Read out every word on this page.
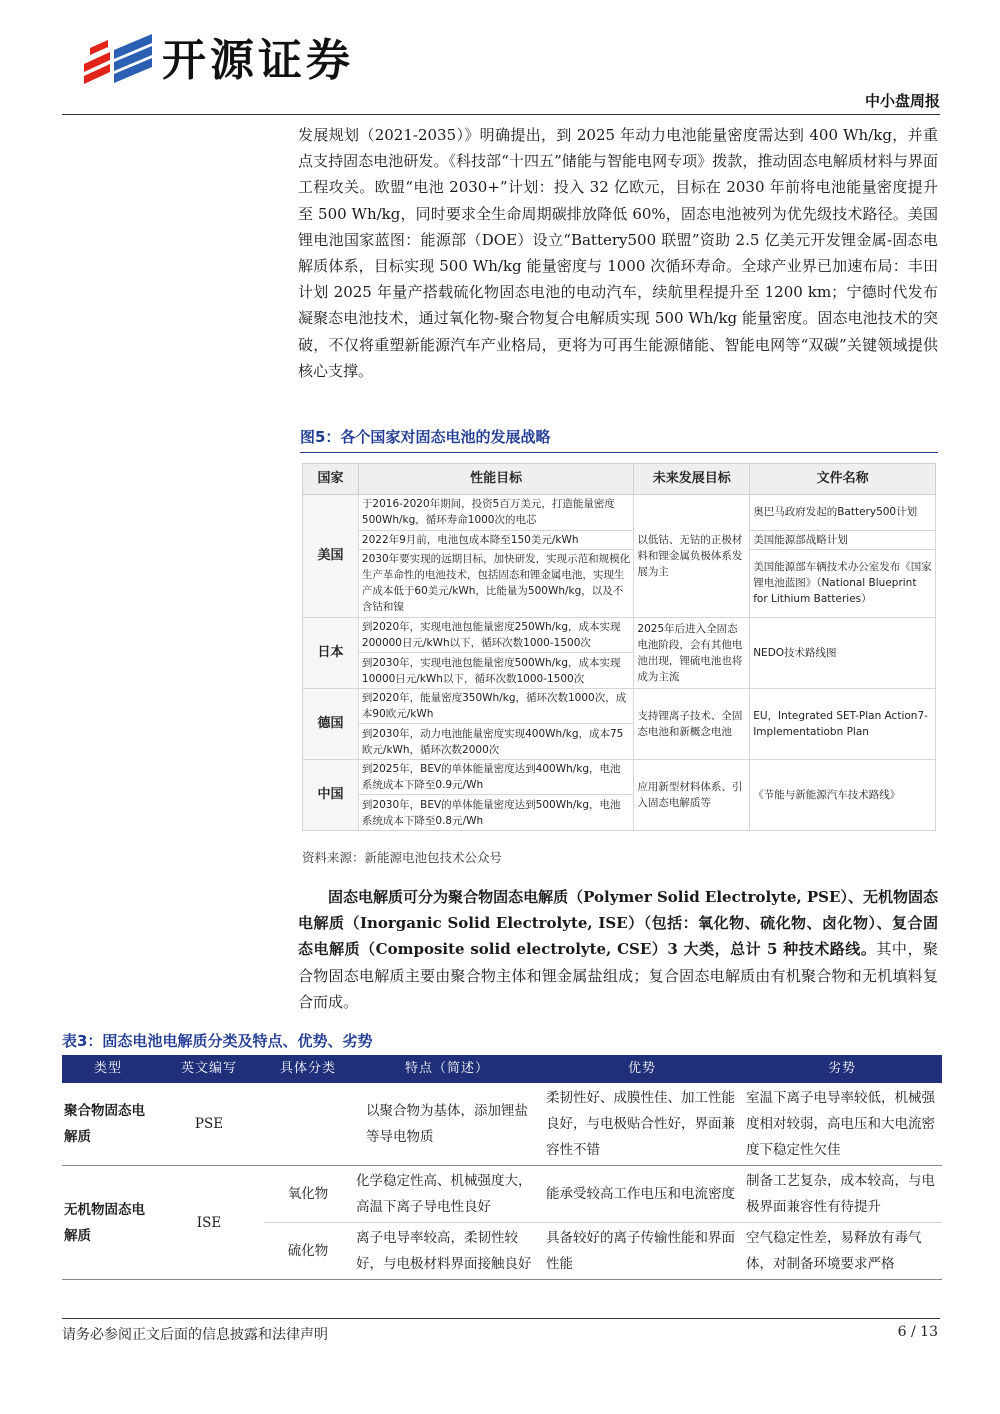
开源证券
中小盘周报
发展规划（2021-2035）》明确提出，到 2025 年动力电池能量密度需达到 400 Wh/kg，并重点支持固态电池研发。《科技部“十四五”储能与智能电网专项》拨款，推动固态电解质材料与界面工程攻关。欧盟“电池 2030+”计划：投入 32 亿欧元，目标在 2030 年前将电池能量密度提升至 500 Wh/kg，同时要求全生命周期碳排放降低 60%，固态电池被列为优先级技术路径。美国锂电池国家蓝图：能源部（DOE）设立“Battery500 联盟”资助 2.5 亿美元开发锂金属-固态电解质体系，目标实现 500 Wh/kg 能量密度与 1000 次循环寿命。全球产业界已加速布局：丰田计划 2025 年量产搭载硫化物固态电池的电动汽车，续航里程提升至 1200 km；宁德时代发布凝聚态电池技术，通过氧化物-聚合物复合电解质实现 500 Wh/kg 能量密度。固态电池技术的突破，不仅将重塑新能源汽车产业格局，更将为可再生能源储能、智能电网等“双碳”关键领域提供核心支撑。
图5：各个国家对固态电池的发展战略
国家	性能目标	未来发展目标	文件名称
美国	于2016-2020年期间，投资5百万美元，打造能量密度500Wh/kg，循环寿命1000次的电芯	以低钴、无钴的正极材料和锂金属负极体系发展为主	奥巴马政府发起的Battery500计划
	2022年9月前，电池包成本降至150美元/kWh		美国能源部战略计划
	2030年要实现的远期目标，加快研发，实现示范和规模化生产革命性的电池技术，包括固态和锂金属电池，实现生产成本低于60美元/kWh，比能量为500Wh/kg，以及不含钴和镍		美国能源部车辆技术办公室发布《国家锂电池蓝图》（National Blueprint for Lithium Batteries）
日本	到2020年，实现电池包能量密度250Wh/kg，成本实现200000日元/kWh以下，循环次数1000-1500次	2025年后进入全固态电池阶段，会有其他电池出现，锂硫电池也将成为主流	NEDO技术路线图
	到2030年，实现电池包能量密度500Wh/kg，成本实现10000日元/kWh以下，循环次数1000-1500次		
德国	到2020年，能量密度350Wh/kg，循环次数1000次，成本90欧元/kWh	支持锂离子技术、全固态电池和新概念电池	EU，Integrated SET-Plan Action7-Implementatiobn Plan
	到2030年，动力电池能量密度实现400Wh/kg，成本75欧元/kWh，循环次数2000次		
中国	到2025年，BEV的单体能量密度达到400Wh/kg，电池系统成本下降至0.9元/Wh	应用新型材料体系、引入固态电解质等	《节能与新能源汽车技术路线》
	到2030年，BEV的单体能量密度达到500Wh/kg，电池系统成本下降至0.8元/Wh		
资料来源：新能源电池包技术公众号
固态电解质可分为聚合物固态电解质（Polymer Solid Electrolyte, PSE）、无机物固态电解质（Inorganic Solid Electrolyte, ISE）（包括：氧化物、硫化物、卤化物）、复合固态电解质（Composite solid electrolyte, CSE）3 大类，总计 5 种技术路线。其中，聚合物固态电解质主要由聚合物主体和锂金属盐组成；复合固态电解质由有机聚合物和无机填料复合而成。
表3：固态电池电解质分类及特点、优势、劣势
类型	英文编写	具体分类	特点（简述）	优势	劣势
聚合物固态电解质	PSE		以聚合物为基体，添加锂盐等导电物质	柔韧性好、成膜性佳、加工性能良好，与电极贴合性好，界面兼容性不错	室温下离子电导率较低，机械强度相对较弱，高电压和大电流密度下稳定性欠佳
无机物固态电解质	ISE	氧化物	化学稳定性高、机械强度大，高温下离子导电性良好	能承受较高工作电压和电流密度	制备工艺复杂，成本较高，与电极界面兼容性有待提升
		硫化物	离子电导率较高，柔韧性较好，与电极材料界面接触良好	具备较好的离子传输性能和界面性能	空气稳定性差，易释放有毒气体，对制备环境要求严格
请务必参阅正文后面的信息披露和法律声明	6 / 13
